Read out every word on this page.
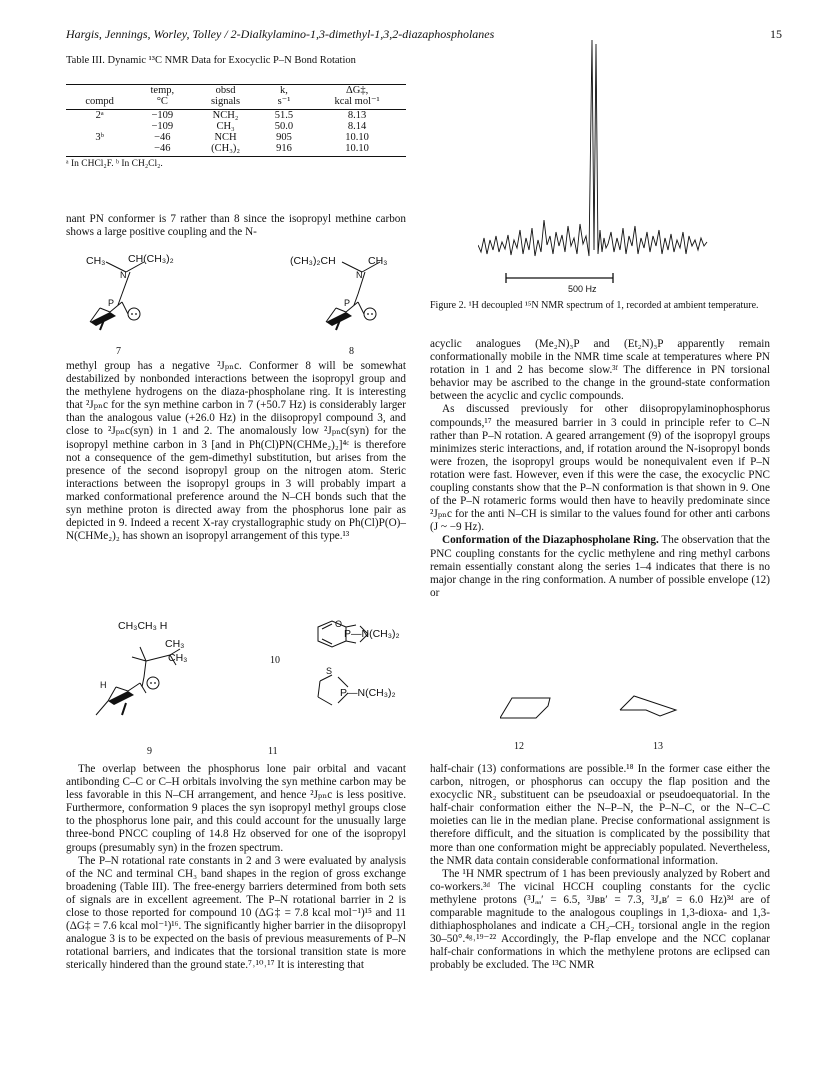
Hargis, Jennings, Worley, Tolley / 2-Dialkylamino-1,3-dimethyl-1,3,2-diazaphospholanes	15
Table III. Dynamic ¹³C NMR Data for Exocyclic P–N Bond Rotation
	temp,	obsd	k,	ΔG‡,
compd	°C	signals	s⁻¹	kcal mol⁻¹
2ᵃ	−109	NCH₂	51.5	8.13
	−109	CH₃	50.0	8.14
3ᵇ	−46	NCH	905	10.10
	−46	(CH₃)₂	916	10.10
ᵃ In CHCl₂F. ᵇ In CH₂Cl₂.

nant PN conformer is 7 rather than 8 since the isopropyl methine carbon shows a large positive coupling and the N-

CH₃ CH(CH₃)₂
N
P
7
(CH₃)₂CH	CH₃
N
P
8

methyl group has a negative ²Jₚₙc. Conformer 8 will be somewhat destabilized by nonbonded interactions between the isopropyl group and the methylene hydrogens on the diaza-phospholane ring. It is interesting that ²Jₚₙc for the syn methine carbon in 7 (+50.7 Hz) is considerably larger than the analogous value (+26.0 Hz) in the diisopropyl compound 3, and close to ²Jₚₙc(syn) in 1 and 2. The anomalously low ²Jₚₙc(syn) for the isopropyl methine carbon in 3 [and in Ph(Cl)PN(CHMe₂)₂]⁴ᶜ is therefore not a consequence of the gem-dimethyl substitution, but arises from the presence of the second isopropyl group on the nitrogen atom. Steric interactions between the isopropyl groups in 3 will probably impart a marked conformational preference around the N–CH bonds such that the syn methine proton is directed away from the phosphorus lone pair as depicted in 9. Indeed a recent X-ray crystallographic study on Ph(Cl)P(O)–N(CHMe₂)₂ has shown an isopropyl arrangement of this type.¹³

CH₃CH₃ H
CH₃
CH₃
H
9
O
P—N(CH₃)₂
10
S
P—N(CH₃)₂
11

The overlap between the phosphorus lone pair orbital and vacant antibonding C–C or C–H orbitals involving the syn methine carbon may be less favorable in this N–CH arrangement, and hence ²Jₚₙc is less positive. Furthermore, conformation 9 places the syn isopropyl methyl groups close to the phosphorus lone pair, and this could account for the unusually large three-bond PNCC coupling of 14.8 Hz observed for one of the isopropyl groups (presumably syn) in the frozen spectrum.

The P–N rotational rate constants in 2 and 3 were evaluated by analysis of the NC and terminal CH₃ band shapes in the region of gross exchange broadening (Table III). The free-energy barriers determined from both sets of signals are in excellent agreement. The P–N rotational barrier in 2 is close to those reported for compound 10 (ΔG‡ = 7.8 kcal mol⁻¹)¹⁵ and 11 (ΔG‡ = 7.6 kcal mol⁻¹)¹⁶. The significantly higher barrier in the diisopropyl analogue 3 is to be expected on the basis of previous measurements of P–N rotational barriers, and indicates that the torsional transition state is more sterically hindered than the ground state.⁷˒¹⁰˒¹⁷ It is interesting that

500 Hz
Figure 2. ¹H decoupled ¹⁵N NMR spectrum of 1, recorded at ambient temperature.

acyclic analogues (Me₂N)₃P and (Et₂N)₃P apparently remain conformationally mobile in the NMR time scale at temperatures where PN rotation in 1 and 2 has become slow.³ᶠ The difference in PN torsional behavior may be ascribed to the change in the ground-state conformation between the acyclic and cyclic compounds.

As discussed previously for other diisopropylaminophosphorus compounds,¹⁷ the measured barrier in 3 could in principle refer to C–N rather than P–N rotation. A geared arrangement (9) of the isopropyl groups minimizes steric interactions, and, if rotation around the N-isopropyl bonds were frozen, the isopropyl groups would be nonequivalent even if P–N rotation were fast. However, even if this were the case, the exocyclic PNC coupling constants show that the P–N conformation is that shown in 9. One of the P–N rotameric forms would then have to heavily predominate since ²Jₚₙc for the anti N–CH is similar to the values found for other anti carbons (J ~ −9 Hz).

Conformation of the Diazaphospholane Ring. The observation that the PNC coupling constants for the cyclic methylene and ring methyl carbons remain essentially constant along the series 1–4 indicates that there is no major change in the ring conformation. A number of possible envelope (12) or

12	13

half-chair (13) conformations are possible.¹⁸ In the former case either the carbon, nitrogen, or phosphorus can occupy the flap position and the exocyclic NR₂ substituent can be pseudoaxial or pseudoequatorial. In the half-chair conformation either the N–P–N, the P–N–C, or the N–C–C moieties can lie in the median plane. Precise conformational assignment is therefore difficult, and the situation is complicated by the possibility that more than one conformation might be appreciably populated. Nevertheless, the NMR data contain considerable conformational information.

The ¹H NMR spectrum of 1 has been previously analyzed by Robert and co-workers.³ᵈ The vicinal HCCH coupling constants for the cyclic methylene protons (³Jₐₐ′ = 6.5, ³Jʙʙ′ = 7.3, ³Jₐʙ′ = 6.0 Hz)³ᵈ are of comparable magnitude to the analogous couplings in 1,3-dioxa- and 1,3-dithiaphospholanes and indicate a CH₂–CH₂ torsional angle in the region 30–50°.⁴ᵍ˒¹⁹⁻²² Accordingly, the P-flap envelope and the NCC coplanar half-chair conformations in which the methylene protons are eclipsed can probably be excluded. The ¹³C NMR
